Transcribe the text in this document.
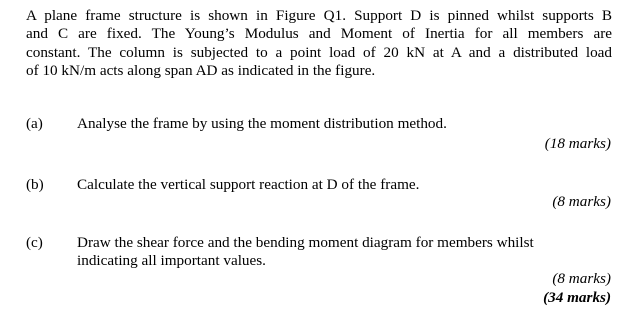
A plane frame structure is shown in Figure Q1. Support D is pinned whilst supports B
and C are fixed. The Young’s Modulus and Moment of Inertia for all members are
constant. The column is subjected to a point load of 20 kN at A and a distributed load
of 10 kN/m acts along span AD as indicated in the figure.
(a) Analyse the frame by using the moment distribution method.
(18 marks)
(b) Calculate the vertical support reaction at D of the frame.
(8 marks)
(c) Draw the shear force and the bending moment diagram for members whilst
indicating all important values.
(8 marks)
(34 marks)
